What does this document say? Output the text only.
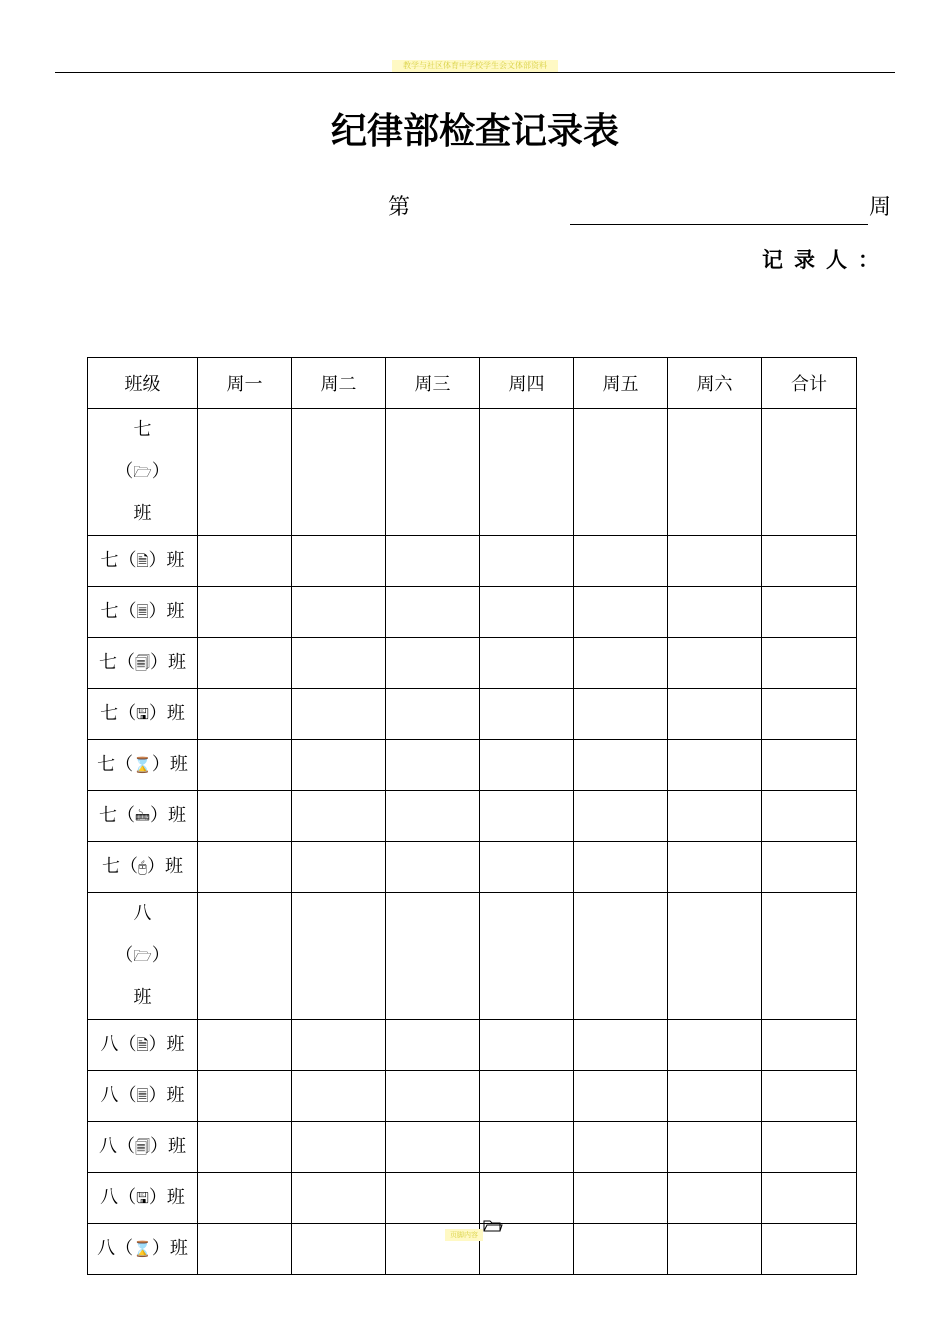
教学与社区体育中学校学生会文体部资料
纪律部检查记录表
第	周
记录人：
班级	周一	周二	周三	周四	周五	周六	合计
七（🗁）班							
七（🗎）班							
七（🗏）班							
七（🗐）班							
七（🖫）班							
七（⌛）班							
七（🖮）班							
七（🖰）班							
八（🗁）班							
八（🗎）班							
八（🗏）班							
八（🗐）班							
八（🖫）班							
八（⌛）班							
页脚内容
